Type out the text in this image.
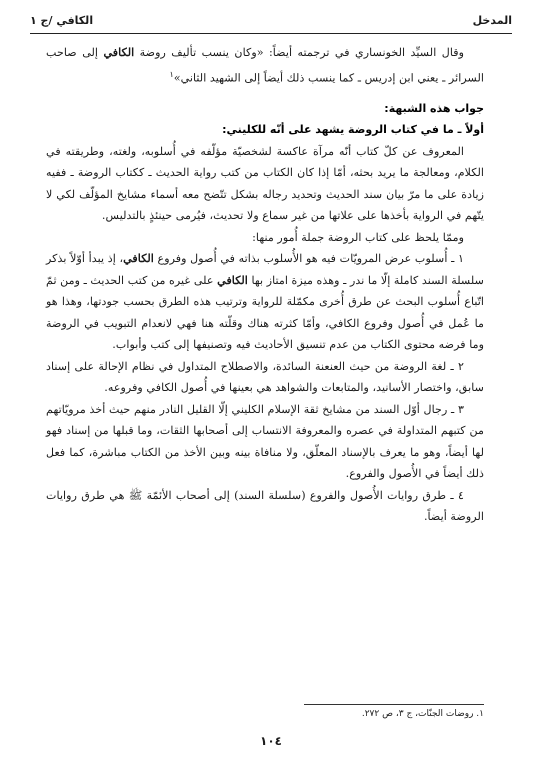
المدخل
الكافي /ج ١

وقال السيِّد الخونساري في ترجمته أيضاً: «وكان ينسب تأليف روضة الكافي إلى صاحب السرائر ـ يعني ابن إدريس ـ كما ينسب ذلك أيضاً إلى الشهيد الثاني»$^١$

جواب هذه الشبهة:

أولاً ـ ما في كتاب الروضة يشهد على أنّه للكليني:

المعروف عن كلّ كتاب أنّه مرآة عاكسة لشخصيّة مؤلّفه في أُسلوبه، ولغته، وطريقته في الكلام، ومعالجة ما يريد بحثه، أمّا إذا كان الكتاب من كتب رواية الحديث ـ ككتاب الروضة ـ ففيه زيادة على ما مرّ بيان سند الحديث وتحديد رجاله بشكل تتّضح معه أسماء مشايخ المؤلّف لكي لا يتّهم في الرواية بأخذها على علاتها من غير سماع ولا تحديث، فيُرمى حينئذٍ بالتدليس.

وممّا يلحظ على كتاب الروضة جملة أُمور منها:

١ ـ أُسلوب عرض المرويّات فيه هو الأُسلوب بذاته في أُصول وفروع الكافي، إذ يبدأ أوّلاً بذكر سلسلة السند كاملة إلّا ما ندر ـ وهذه ميزة امتاز بها الكافي على غيره من كتب الحديث ـ ومن ثمّ اتّباع أُسلوب البحث عن طرق أُخرى مكمّلة للرواية وترتيب هذه الطرق بحسب جودتها، وهذا هو ما عُمل في أُصول وفروع الكافي، وأمّا كثرته هناك وقلّته هنا فهي لانعدام التبويب في الروضة وما فرضه محتوى الكتاب من عدم تنسيق الأحاديث فيه وتصنيفها إلى كتب وأبواب.

٢ ـ لغة الروضة من حيث العنعنة السائدة، والاصطلاح المتداول في نظام الإحالة على إسناد سابق، واختصار الأسانيد، والمتابعات والشواهد هي بعينها في أُصول الكافي وفروعه.

٣ ـ رجال أوّل السند من مشايخ ثقة الإسلام الكليني إلّا القليل النادر منهم حيث أخذ مرويّاتهم من كتبهم المتداولة في عصره والمعروفة الانتساب إلى أصحابها الثقات، وما قبلها من إسناد فهو لها أيضاً، وهو ما يعرف بالإسناد المعلّق، ولا منافاة بينه وبين الأخذ من الكتاب مباشرة، كما فعل ذلك أيضاً في الأُصول والفروع.

٤ ـ طرق روايات الأُصول والفروع (سلسلة السند) إلى أصحاب الأئمّة ﷺ هي طرق روايات الروضة أيضاً.

١. روضات الجنّات، ج ٣، ص ٢٧٢.
١٠٤
